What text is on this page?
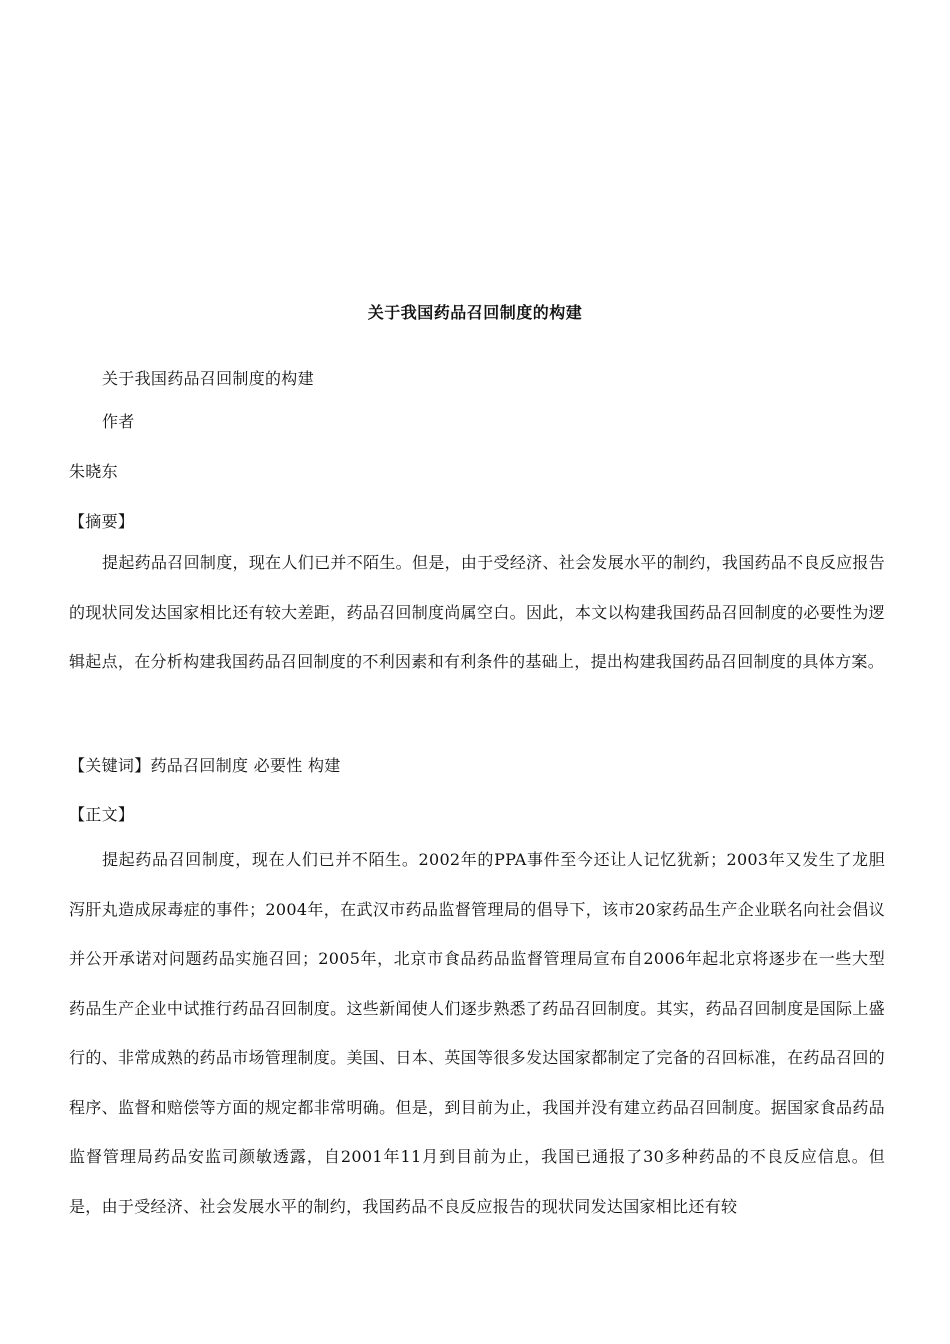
关于我国药品召回制度的构建
关于我国药品召回制度的构建
作者
朱晓东
【摘要】
提起药品召回制度，现在人们已并不陌生。但是，由于受经济、社会发展水平的制约，我国药品不良反应报告的现状同发达国家相比还有较大差距，药品召回制度尚属空白。因此，本文以构建我国药品召回制度的必要性为逻辑起点，在分析构建我国药品召回制度的不利因素和有利条件的基础上，提出构建我国药品召回制度的具体方案。
【关键词】药品召回制度 必要性 构建
【正文】
提起药品召回制度，现在人们已并不陌生。2002年的PPA事件至今还让人记忆犹新；2003年又发生了龙胆泻肝丸造成尿毒症的事件；2004年，在武汉市药品监督管理局的倡导下，该市20家药品生产企业联名向社会倡议并公开承诺对问题药品实施召回；2005年，北京市食品药品监督管理局宣布自2006年起北京将逐步在一些大型药品生产企业中试推行药品召回制度。这些新闻使人们逐步熟悉了药品召回制度。其实，药品召回制度是国际上盛行的、非常成熟的药品市场管理制度。美国、日本、英国等很多发达国家都制定了完备的召回标准，在药品召回的程序、监督和赔偿等方面的规定都非常明确。但是，到目前为止，我国并没有建立药品召回制度。据国家食品药品监督管理局药品安监司颜敏透露，自2001年11月到目前为止，我国已通报了30多种药品的不良反应信息。但是，由于受经济、社会发展水平的制约，我国药品不良反应报告的现状同发达国家相比还有较
